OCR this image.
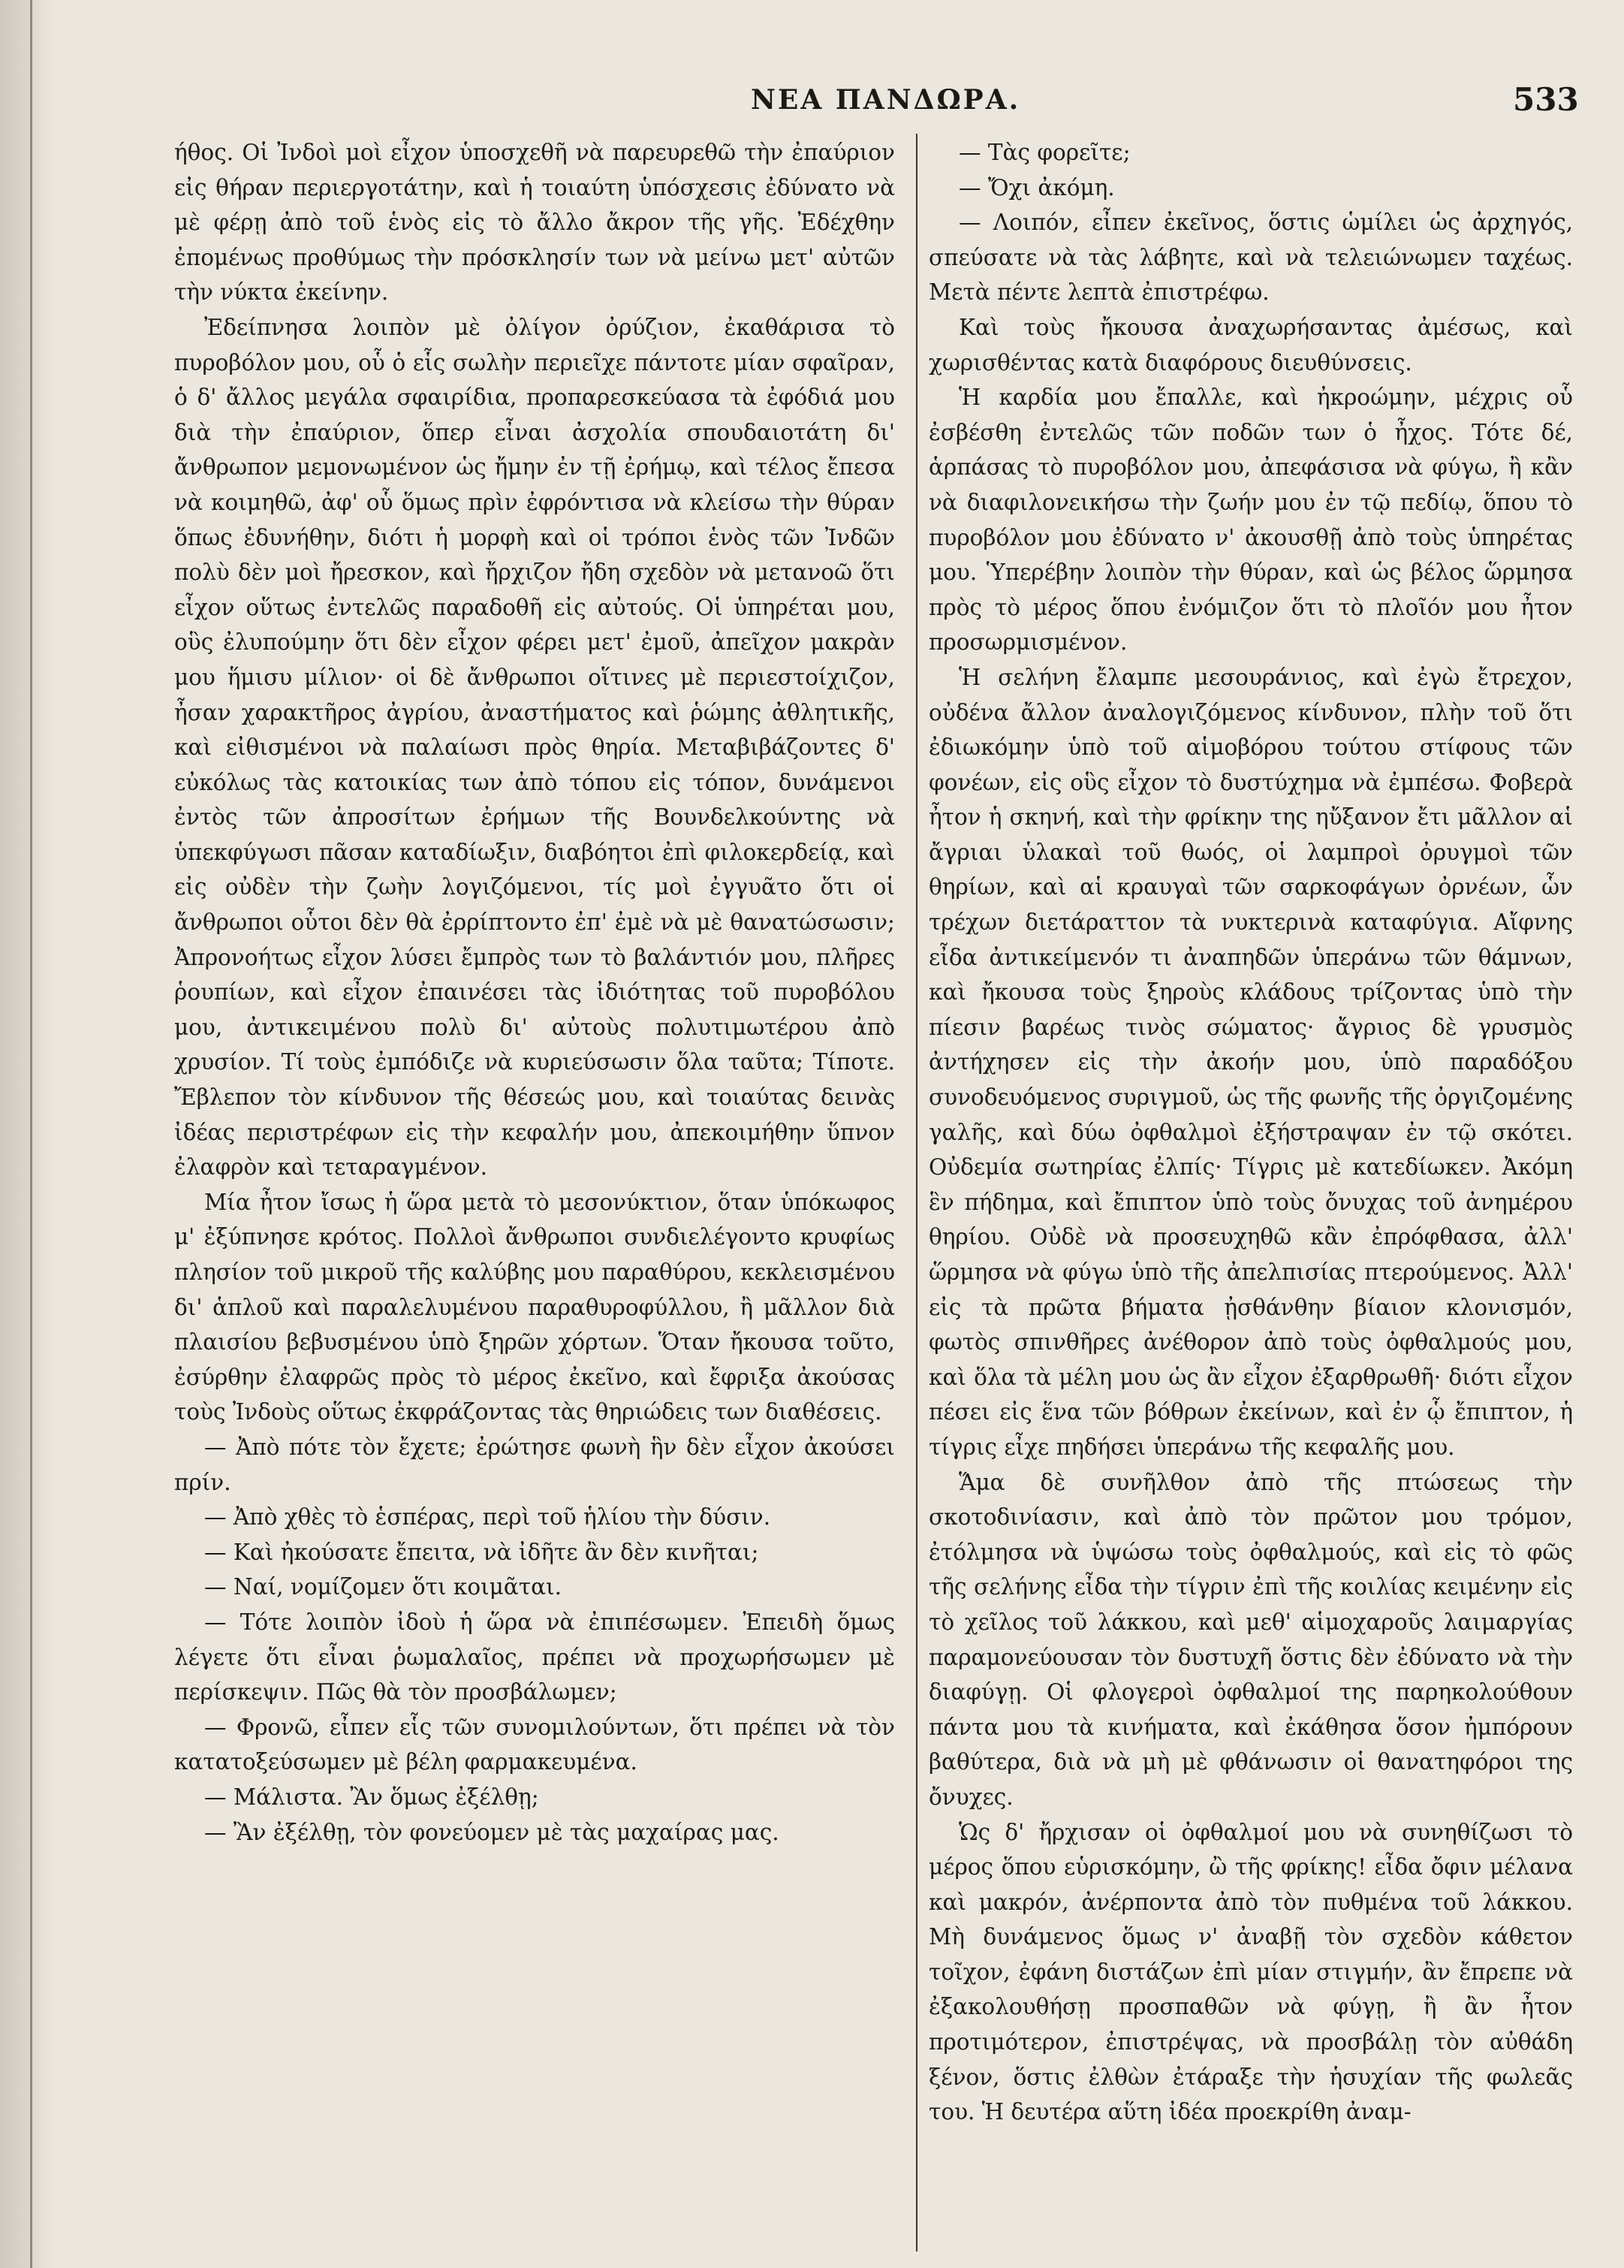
ΝΕΑ ΠΑΝΔΩΡΑ.	533

ήθος. Οἱ Ἰνδοὶ μοὶ εἶχον ὑποσχεθῆ νὰ παρευρεθῶ τὴν ἐπαύριον εἰς θήραν περιεργοτάτην, καὶ ἡ τοιαύτη ὑπόσχεσις ἐδύνατο νὰ μὲ φέρῃ ἀπὸ τοῦ ἑνὸς εἰς τὸ ἄλλο ἄκρον τῆς γῆς. Ἐδέχθην ἐπομένως προθύμως τὴν πρόσκλησίν των νὰ μείνω μετ' αὐτῶν τὴν νύκτα ἐκείνην.

Ἐδείπνησα λοιπὸν μὲ ὀλίγον ὀρύζιον, ἐκαθάρισα τὸ πυροβόλον μου, οὗ ὁ εἷς σωλὴν περιεῖχε πάντοτε μίαν σφαῖραν, ὁ δ' ἄλλος μεγάλα σφαιρίδια, προπαρεσκεύασα τὰ ἐφόδιά μου διὰ τὴν ἐπαύριον, ὅπερ εἶναι ἀσχολία σπουδαιοτάτη δι' ἄνθρωπον μεμονωμένον ὡς ἤμην ἐν τῇ ἐρήμῳ, καὶ τέλος ἔπεσα νὰ κοιμηθῶ, ἀφ' οὗ ὅμως πρὶν ἐφρόντισα νὰ κλείσω τὴν θύραν ὅπως ἐδυνήθην, διότι ἡ μορφὴ καὶ οἱ τρόποι ἑνὸς τῶν Ἰνδῶν πολὺ δὲν μοὶ ἤρεσκον, καὶ ἤρχιζον ἤδη σχεδὸν νὰ μετανοῶ ὅτι εἶχον οὕτως ἐντελῶς παραδοθῆ εἰς αὐτούς. Οἱ ὑπηρέται μου, οὓς ἐλυπούμην ὅτι δὲν εἶχον φέρει μετ' ἐμοῦ, ἀπεῖχον μακρὰν μου ἥμισυ μίλιον· οἱ δὲ ἄνθρωποι οἵτινες μὲ περιεστοίχιζον, ἦσαν χαρακτῆρος ἀγρίου, ἀναστήματος καὶ ῥώμης ἀθλητικῆς, καὶ εἰθισμένοι νὰ παλαίωσι πρὸς θηρία. Μεταβιβάζοντες δ' εὐκόλως τὰς κατοικίας των ἀπὸ τόπου εἰς τόπον, δυνάμενοι ἐντὸς τῶν ἀπροσίτων ἐρήμων τῆς Βουνδελκούντης νὰ ὑπεκφύγωσι πᾶσαν καταδίωξιν, διαβόητοι ἐπὶ φιλοκερδείᾳ, καὶ εἰς οὐδὲν τὴν ζωὴν λογιζόμενοι, τίς μοὶ ἐγγυᾶτο ὅτι οἱ ἄνθρωποι οὗτοι δὲν θὰ ἐρρίπτοντο ἐπ' ἐμὲ νὰ μὲ θανατώσωσιν; Ἀπρονοήτως εἶχον λύσει ἔμπρὸς των τὸ βαλάντιόν μου, πλῆρες ῥουπίων, καὶ εἶχον ἐπαινέσει τὰς ἰδιότητας τοῦ πυροβόλου μου, ἀντικειμένου πολὺ δι' αὐτοὺς πολυτιμωτέρου ἀπὸ χρυσίον. Τί τοὺς ἐμπόδιζε νὰ κυριεύσωσιν ὅλα ταῦτα; Τίποτε. Ἔβλεπον τὸν κίνδυνον τῆς θέσεώς μου, καὶ τοιαύτας δεινὰς ἰδέας περιστρέφων εἰς τὴν κεφαλήν μου, ἀπεκοιμήθην ὕπνον ἐλαφρὸν καὶ τεταραγμένον.

Μία ἦτον ἴσως ἡ ὥρα μετὰ τὸ μεσονύκτιον, ὅταν ὑπόκωφος μ' ἐξύπνησε κρότος. Πολλοὶ ἄνθρωποι συνδιελέγοντο κρυφίως πλησίον τοῦ μικροῦ τῆς καλύβης μου παραθύρου, κεκλεισμένου δι' ἁπλοῦ καὶ παραλελυμένου παραθυροφύλλου, ἢ μᾶλλον διὰ πλαισίου βεβυσμένου ὑπὸ ξηρῶν χόρτων. Ὅταν ἤκουσα τοῦτο, ἐσύρθην ἐλαφρῶς πρὸς τὸ μέρος ἐκεῖνο, καὶ ἔφριξα ἀκούσας τοὺς Ἰνδοὺς οὕτως ἐκφράζοντας τὰς θηριώδεις των διαθέσεις.

— Ἀπὸ πότε τὸν ἔχετε; ἐρώτησε φωνὴ ἣν δὲν εἶχον ἀκούσει πρίν.

— Ἀπὸ χθὲς τὸ ἑσπέρας, περὶ τοῦ ἡλίου τὴν δύσιν.

— Καὶ ἠκούσατε ἔπειτα, νὰ ἰδῆτε ἂν δὲν κινῆται;

— Ναί, νομίζομεν ὅτι κοιμᾶται.

— Τότε λοιπὸν ἰδοὺ ἡ ὥρα νὰ ἐπιπέσωμεν. Ἐπειδὴ ὅμως λέγετε ὅτι εἶναι ῥωμαλαῖος, πρέπει νὰ προχωρήσωμεν μὲ περίσκεψιν. Πῶς θὰ τὸν προσβάλωμεν;

— Φρονῶ, εἶπεν εἷς τῶν συνομιλούντων, ὅτι πρέπει νὰ τὸν κατατοξεύσωμεν μὲ βέλη φαρμακευμένα.

— Μάλιστα. Ἂν ὅμως ἐξέλθῃ;

— Ἂν ἐξέλθῃ, τὸν φονεύομεν μὲ τὰς μαχαίρας μας.

— Τὰς φορεῖτε;

— Ὄχι ἀκόμη.

— Λοιπόν, εἶπεν ἐκεῖνος, ὅστις ὡμίλει ὡς ἀρχηγός, σπεύσατε νὰ τὰς λάβητε, καὶ νὰ τελειώνωμεν ταχέως. Μετὰ πέντε λεπτὰ ἐπιστρέφω.

Καὶ τοὺς ἤκουσα ἀναχωρήσαντας ἀμέσως, καὶ χωρισθέντας κατὰ διαφόρους διευθύνσεις.

Ἡ καρδία μου ἔπαλλε, καὶ ἠκροώμην, μέχρις οὗ ἐσβέσθη ἐντελῶς τῶν ποδῶν των ὁ ἦχος. Τότε δέ, ἁρπάσας τὸ πυροβόλον μου, ἀπεφάσισα νὰ φύγω, ἢ κἂν νὰ διαφιλονεικήσω τὴν ζωήν μου ἐν τῷ πεδίῳ, ὅπου τὸ πυροβόλον μου ἐδύνατο ν' ἀκουσθῇ ἀπὸ τοὺς ὑπηρέτας μου. Ὑπερέβην λοιπὸν τὴν θύραν, καὶ ὡς βέλος ὥρμησα πρὸς τὸ μέρος ὅπου ἐνόμιζον ὅτι τὸ πλοῖόν μου ἦτον προσωρμισμένον.

Ἡ σελήνη ἔλαμπε μεσουράνιος, καὶ ἐγὼ ἔτρεχον, οὐδένα ἄλλον ἀναλογιζόμενος κίνδυνον, πλὴν τοῦ ὅτι ἐδιωκόμην ὑπὸ τοῦ αἱμοβόρου τούτου στίφους τῶν φονέων, εἰς οὓς εἶχον τὸ δυστύχημα νὰ ἐμπέσω. Φοβερὰ ἦτον ἡ σκηνή, καὶ τὴν φρίκην της ηὔξανον ἔτι μᾶλλον αἱ ἄγριαι ὑλακαὶ τοῦ θωός, οἱ λαμπροὶ ὀρυγμοὶ τῶν θηρίων, καὶ αἱ κραυγαὶ τῶν σαρκοφάγων ὀρνέων, ὧν τρέχων διετάραττον τὰ νυκτερινὰ καταφύγια. Αἴφνης εἶδα ἀντικείμενόν τι ἀναπηδῶν ὑπεράνω τῶν θάμνων, καὶ ἤκουσα τοὺς ξηροὺς κλάδους τρίζοντας ὑπὸ τὴν πίεσιν βαρέως τινὸς σώματος· ἄγριος δὲ γρυσμὸς ἀντήχησεν εἰς τὴν ἀκοήν μου, ὑπὸ παραδόξου συνοδευόμενος συριγμοῦ, ὡς τῆς φωνῆς τῆς ὀργιζομένης γαλῆς, καὶ δύω ὀφθαλμοὶ ἐξήστραψαν ἐν τῷ σκότει. Οὐδεμία σωτηρίας ἐλπίς· Τίγρις μὲ κατεδίωκεν. Ἀκόμη ἓν πήδημα, καὶ ἔπιπτον ὑπὸ τοὺς ὄνυχας τοῦ ἀνημέρου θηρίου. Οὐδὲ νὰ προσευχηθῶ κἂν ἐπρόφθασα, ἀλλ' ὥρμησα νὰ φύγω ὑπὸ τῆς ἀπελπισίας πτερούμενος. Ἀλλ' εἰς τὰ πρῶτα βήματα ᾐσθάνθην βίαιον κλονισμόν, φωτὸς σπινθῆρες ἀνέθορον ἀπὸ τοὺς ὀφθαλμούς μου, καὶ ὅλα τὰ μέλη μου ὡς ἂν εἶχον ἐξαρθρωθῆ· διότι εἶχον πέσει εἰς ἕνα τῶν βόθρων ἐκείνων, καὶ ἐν ᾧ ἔπιπτον, ἡ τίγρις εἶχε πηδήσει ὑπεράνω τῆς κεφαλῆς μου.

Ἅμα δὲ συνῆλθον ἀπὸ τῆς πτώσεως τὴν σκοτοδινίασιν, καὶ ἀπὸ τὸν πρῶτον μου τρόμον, ἐτόλμησα νὰ ὑψώσω τοὺς ὀφθαλμούς, καὶ εἰς τὸ φῶς τῆς σελήνης εἶδα τὴν τίγριν ἐπὶ τῆς κοιλίας κειμένην εἰς τὸ χεῖλος τοῦ λάκκου, καὶ μεθ' αἱμοχαροῦς λαιμαργίας παραμονεύουσαν τὸν δυστυχῆ ὅστις δὲν ἐδύνατο νὰ τὴν διαφύγῃ. Οἱ φλογεροὶ ὀφθαλμοί της παρηκολούθουν πάντα μου τὰ κινήματα, καὶ ἐκάθησα ὅσον ἠμπόρουν βαθύτερα, διὰ νὰ μὴ μὲ φθάνωσιν οἱ θανατηφόροι της ὄνυχες.

Ὡς δ' ἤρχισαν οἱ ὀφθαλμοί μου νὰ συνηθίζωσι τὸ μέρος ὅπου εὑρισκόμην, ὢ τῆς φρίκης! εἶδα ὄφιν μέλανα καὶ μακρόν, ἀνέρποντα ἀπὸ τὸν πυθμένα τοῦ λάκκου. Μὴ δυνάμενος ὅμως ν' ἀναβῇ τὸν σχεδὸν κάθετον τοῖχον, ἐφάνη διστάζων ἐπὶ μίαν στιγμήν, ἂν ἔπρεπε νὰ ἐξακολουθήσῃ προσπαθῶν νὰ φύγῃ, ἢ ἂν ἦτον προτιμότερον, ἐπιστρέψας, νὰ προσβάλῃ τὸν αὐθάδη ξένον, ὅστις ἐλθὼν ἐτάραξε τὴν ἡσυχίαν τῆς φωλεᾶς του. Ἡ δευτέρα αὕτη ἰδέα προεκρίθη ἀναμ-
